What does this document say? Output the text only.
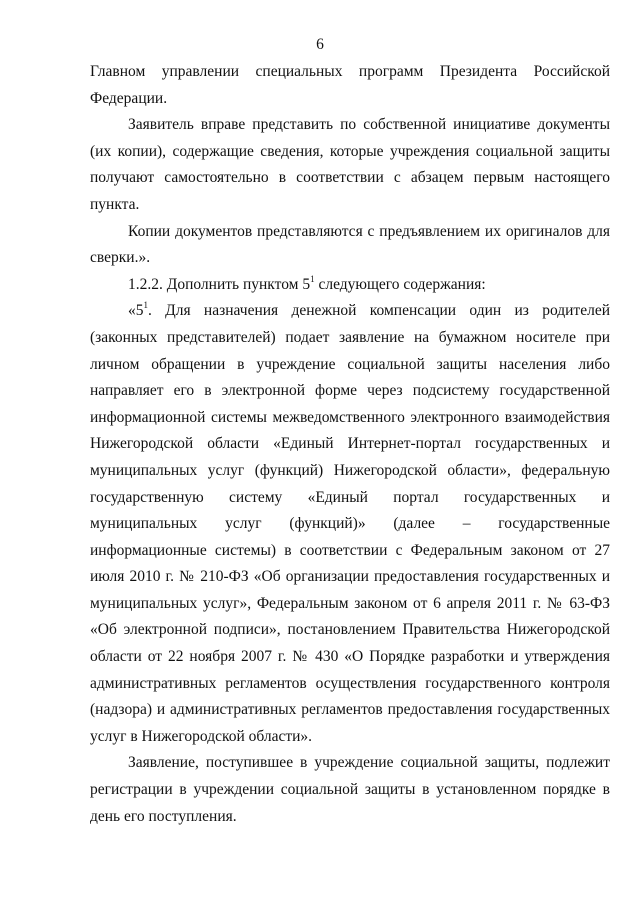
6

Главном управлении специальных программ Президента Российской Федерации.

Заявитель вправе представить по собственной инициативе документы (их копии), содержащие сведения, которые учреждения социальной защиты получают самостоятельно в соответствии с абзацем первым настоящего пункта.

Копии документов представляются с предъявлением их оригиналов для сверки.».

1.2.2. Дополнить пунктом $5^1$ следующего содержания:

«$5^1$. Для назначения денежной компенсации один из родителей (законных представителей) подает заявление на бумажном носителе при личном обращении в учреждение социальной защиты населения либо направляет его в электронной форме через подсистему государственной информационной системы межведомственного электронного взаимодействия Нижегородской области «Единый Интернет-портал государственных и муниципальных услуг (функций) Нижегородской области», федеральную государственную систему «Единый портал государственных и муниципальных услуг (функций)» (далее – государственные информационные системы) в соответствии с Федеральным законом от 27 июля 2010 г. № 210-ФЗ «Об организации предоставления государственных и муниципальных услуг», Федеральным законом от 6 апреля 2011 г. № 63-ФЗ «Об электронной подписи», постановлением Правительства Нижегородской области от 22 ноября 2007 г. № 430 «О Порядке разработки и утверждения административных регламентов осуществления государственного контроля (надзора) и административных регламентов предоставления государственных услуг в Нижегородской области».

Заявление, поступившее в учреждение социальной защиты, подлежит регистрации в учреждении социальной защиты в установленном порядке в день его поступления.
